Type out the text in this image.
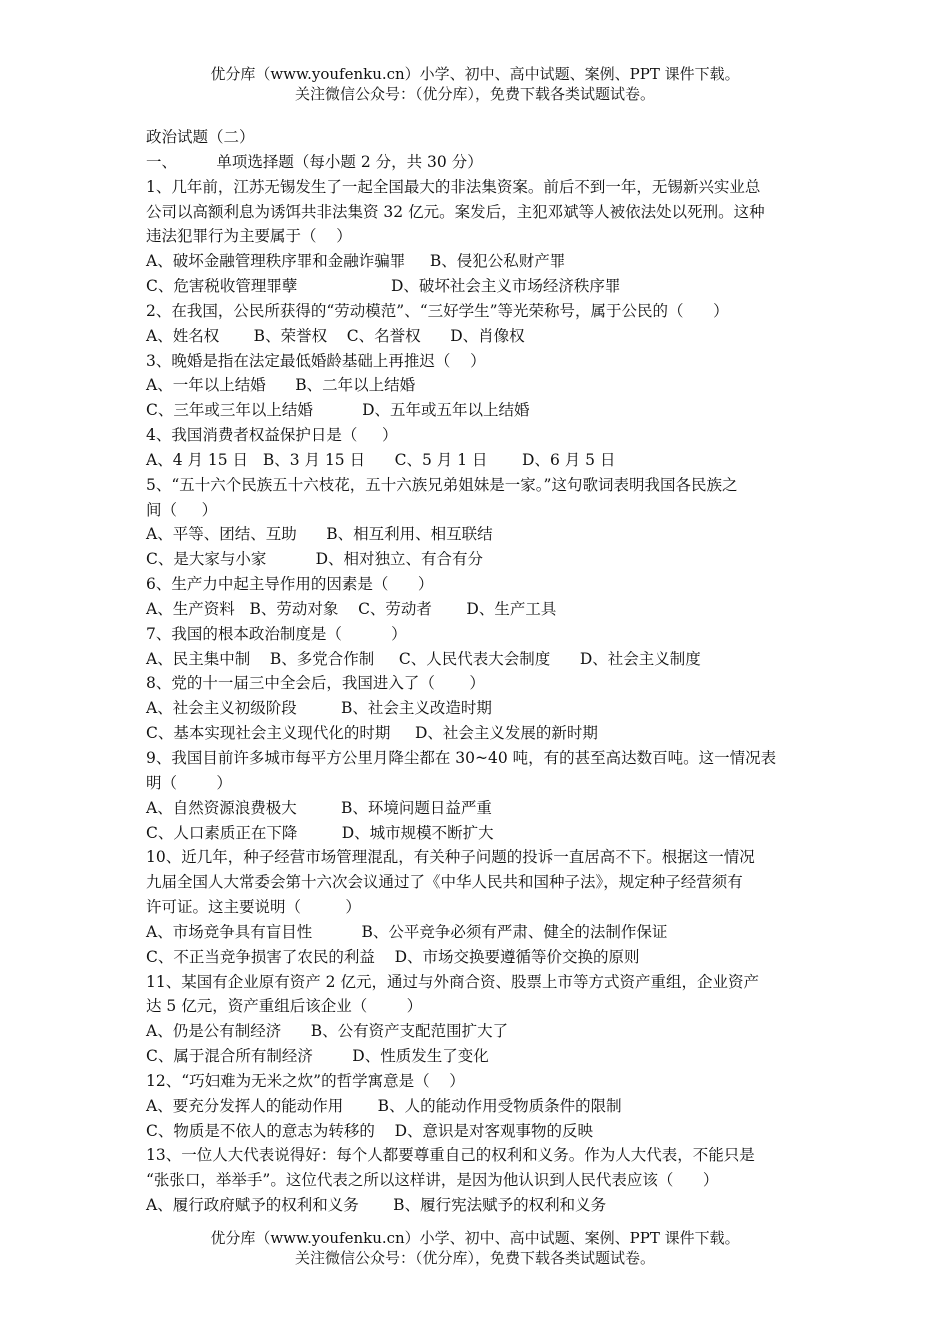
优分库（www.youfenku.cn）小学、初中、高中试题、案例、PPT 课件下载。
关注微信公众号：（优分库），免费下载各类试题试卷。
政治试题（二）
一、        单项选择题（每小题 2 分，共 30 分）
1、几年前，江苏无锡发生了一起全国最大的非法集资案。前后不到一年，无锡新兴实业总
公司以高额利息为诱饵共非法集资 32 亿元。案发后，主犯邓斌等人被依法处以死刑。这种
违法犯罪行为主要属于（    ）
A、破坏金融管理秩序罪和金融诈骗罪     B、侵犯公私财产罪
C、危害税收管理罪孽                   D、破坏社会主义市场经济秩序罪
2、在我国，公民所获得的“劳动模范”、“三好学生”等光荣称号，属于公民的（      ）
A、姓名权       B、荣誉权    C、名誉权      D、肖像权
3、晚婚是指在法定最低婚龄基础上再推迟（    ）
A、一年以上结婚      B、二年以上结婚
C、三年或三年以上结婚          D、五年或五年以上结婚
4、我国消费者权益保护日是（     ）
A、4 月 15 日   B、3 月 15 日      C、5 月 1 日       D、6 月 5 日
5、“五十六个民族五十六枝花，五十六族兄弟姐妹是一家。”这句歌词表明我国各民族之
间（     ）
A、平等、团结、互助      B、相互利用、相互联结
C、是大家与小家          D、相对独立、有合有分
6、生产力中起主导作用的因素是（      ）
A、生产资料   B、劳动对象    C、劳动者       D、生产工具
7、我国的根本政治制度是（          ）
A、民主集中制    B、多党合作制     C、人民代表大会制度      D、社会主义制度
8、党的十一届三中全会后，我国进入了（       ）
A、社会主义初级阶段         B、社会主义改造时期
C、基本实现社会主义现代化的时期     D、社会主义发展的新时期
9、我国目前许多城市每平方公里月降尘都在 30~40 吨，有的甚至高达数百吨。这一情况表
明（        ）
A、自然资源浪费极大         B、环境问题日益严重
C、人口素质正在下降         D、城市规模不断扩大
10、近几年，种子经营市场管理混乱，有关种子问题的投诉一直居高不下。根据这一情况
九届全国人大常委会第十六次会议通过了《中华人民共和国种子法》，规定种子经营须有
许可证。这主要说明（         ）
A、市场竞争具有盲目性          B、公平竞争必须有严肃、健全的法制作保证
C、不正当竞争损害了农民的利益    D、市场交换要遵循等价交换的原则
11、某国有企业原有资产 2 亿元，通过与外商合资、股票上市等方式资产重组，企业资产
达 5 亿元，资产重组后该企业（        ）
A、仍是公有制经济      B、公有资产支配范围扩大了
C、属于混合所有制经济        D、性质发生了变化
12、“巧妇难为无米之炊”的哲学寓意是（    ）
A、要充分发挥人的能动作用       B、人的能动作用受物质条件的限制
C、物质是不依人的意志为转移的    D、意识是对客观事物的反映
13、一位人大代表说得好：每个人都要尊重自己的权利和义务。作为人大代表，不能只是
“张张口，举举手”。这位代表之所以这样讲，是因为他认识到人民代表应该（      ）
A、履行政府赋予的权利和义务       B、履行宪法赋予的权利和义务
优分库（www.youfenku.cn）小学、初中、高中试题、案例、PPT 课件下载。
关注微信公众号：（优分库），免费下载各类试题试卷。
